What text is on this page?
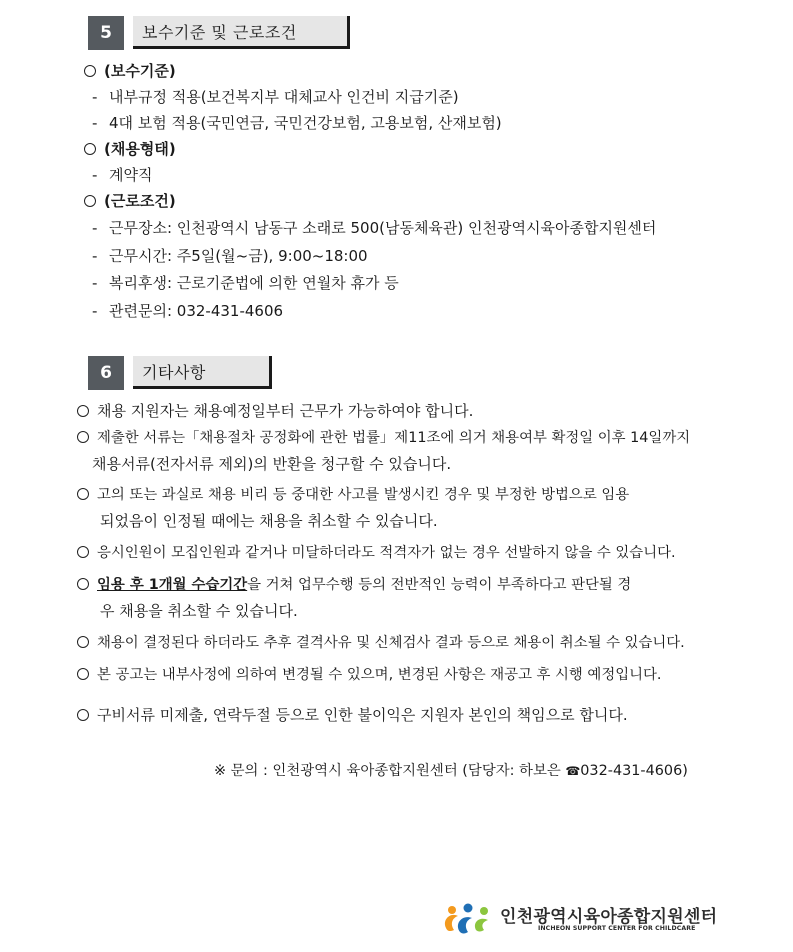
5	보수기준 및 근로조건
(보수기준)
- 내부규정 적용(보건복지부 대체교사 인건비 지급기준)
- 4대 보험 적용(국민연금, 국민건강보험, 고용보험, 산재보험)
(채용형태)
- 계약직
(근로조건)
- 근무장소: 인천광역시 남동구 소래로 500(남동체육관) 인천광역시육아종합지원센터
- 근무시간: 주5일(월~금), 9:00~18:00
- 복리후생: 근로기준법에 의한 연월차 휴가 등
- 관련문의: 032-431-4606
6	기타사항
채용 지원자는 채용예정일부터 근무가 가능하여야 합니다.
제출한 서류는「채용절차 공정화에 관한 법률」제11조에 의거 채용여부 확정일 이후 14일까지
채용서류(전자서류 제외)의 반환을 청구할 수 있습니다.
고의 또는 과실로 채용 비리 등 중대한 사고를 발생시킨 경우 및 부정한 방법으로 임용
되었음이 인정될 때에는 채용을 취소할 수 있습니다.
응시인원이 모집인원과 같거나 미달하더라도 적격자가 없는 경우 선발하지 않을 수 있습니다.
임용 후 1개월 수습기간을 거쳐 업무수행 등의 전반적인 능력이 부족하다고 판단될 경
우 채용을 취소할 수 있습니다.
채용이 결정된다 하더라도 추후 결격사유 및 신체검사 결과 등으로 채용이 취소될 수 있습니다.
본 공고는 내부사정에 의하여 변경될 수 있으며, 변경된 사항은 재공고 후 시행 예정입니다.
구비서류 미제출, 연락두절 등으로 인한 불이익은 지원자 본인의 책임으로 합니다.
※ 문의 : 인천광역시 육아종합지원센터 (담당자: 하보은 ☎032-431-4606)
인천광역시육아종합지원센터
INCHEON SUPPORT CENTER FOR CHILDCARE
